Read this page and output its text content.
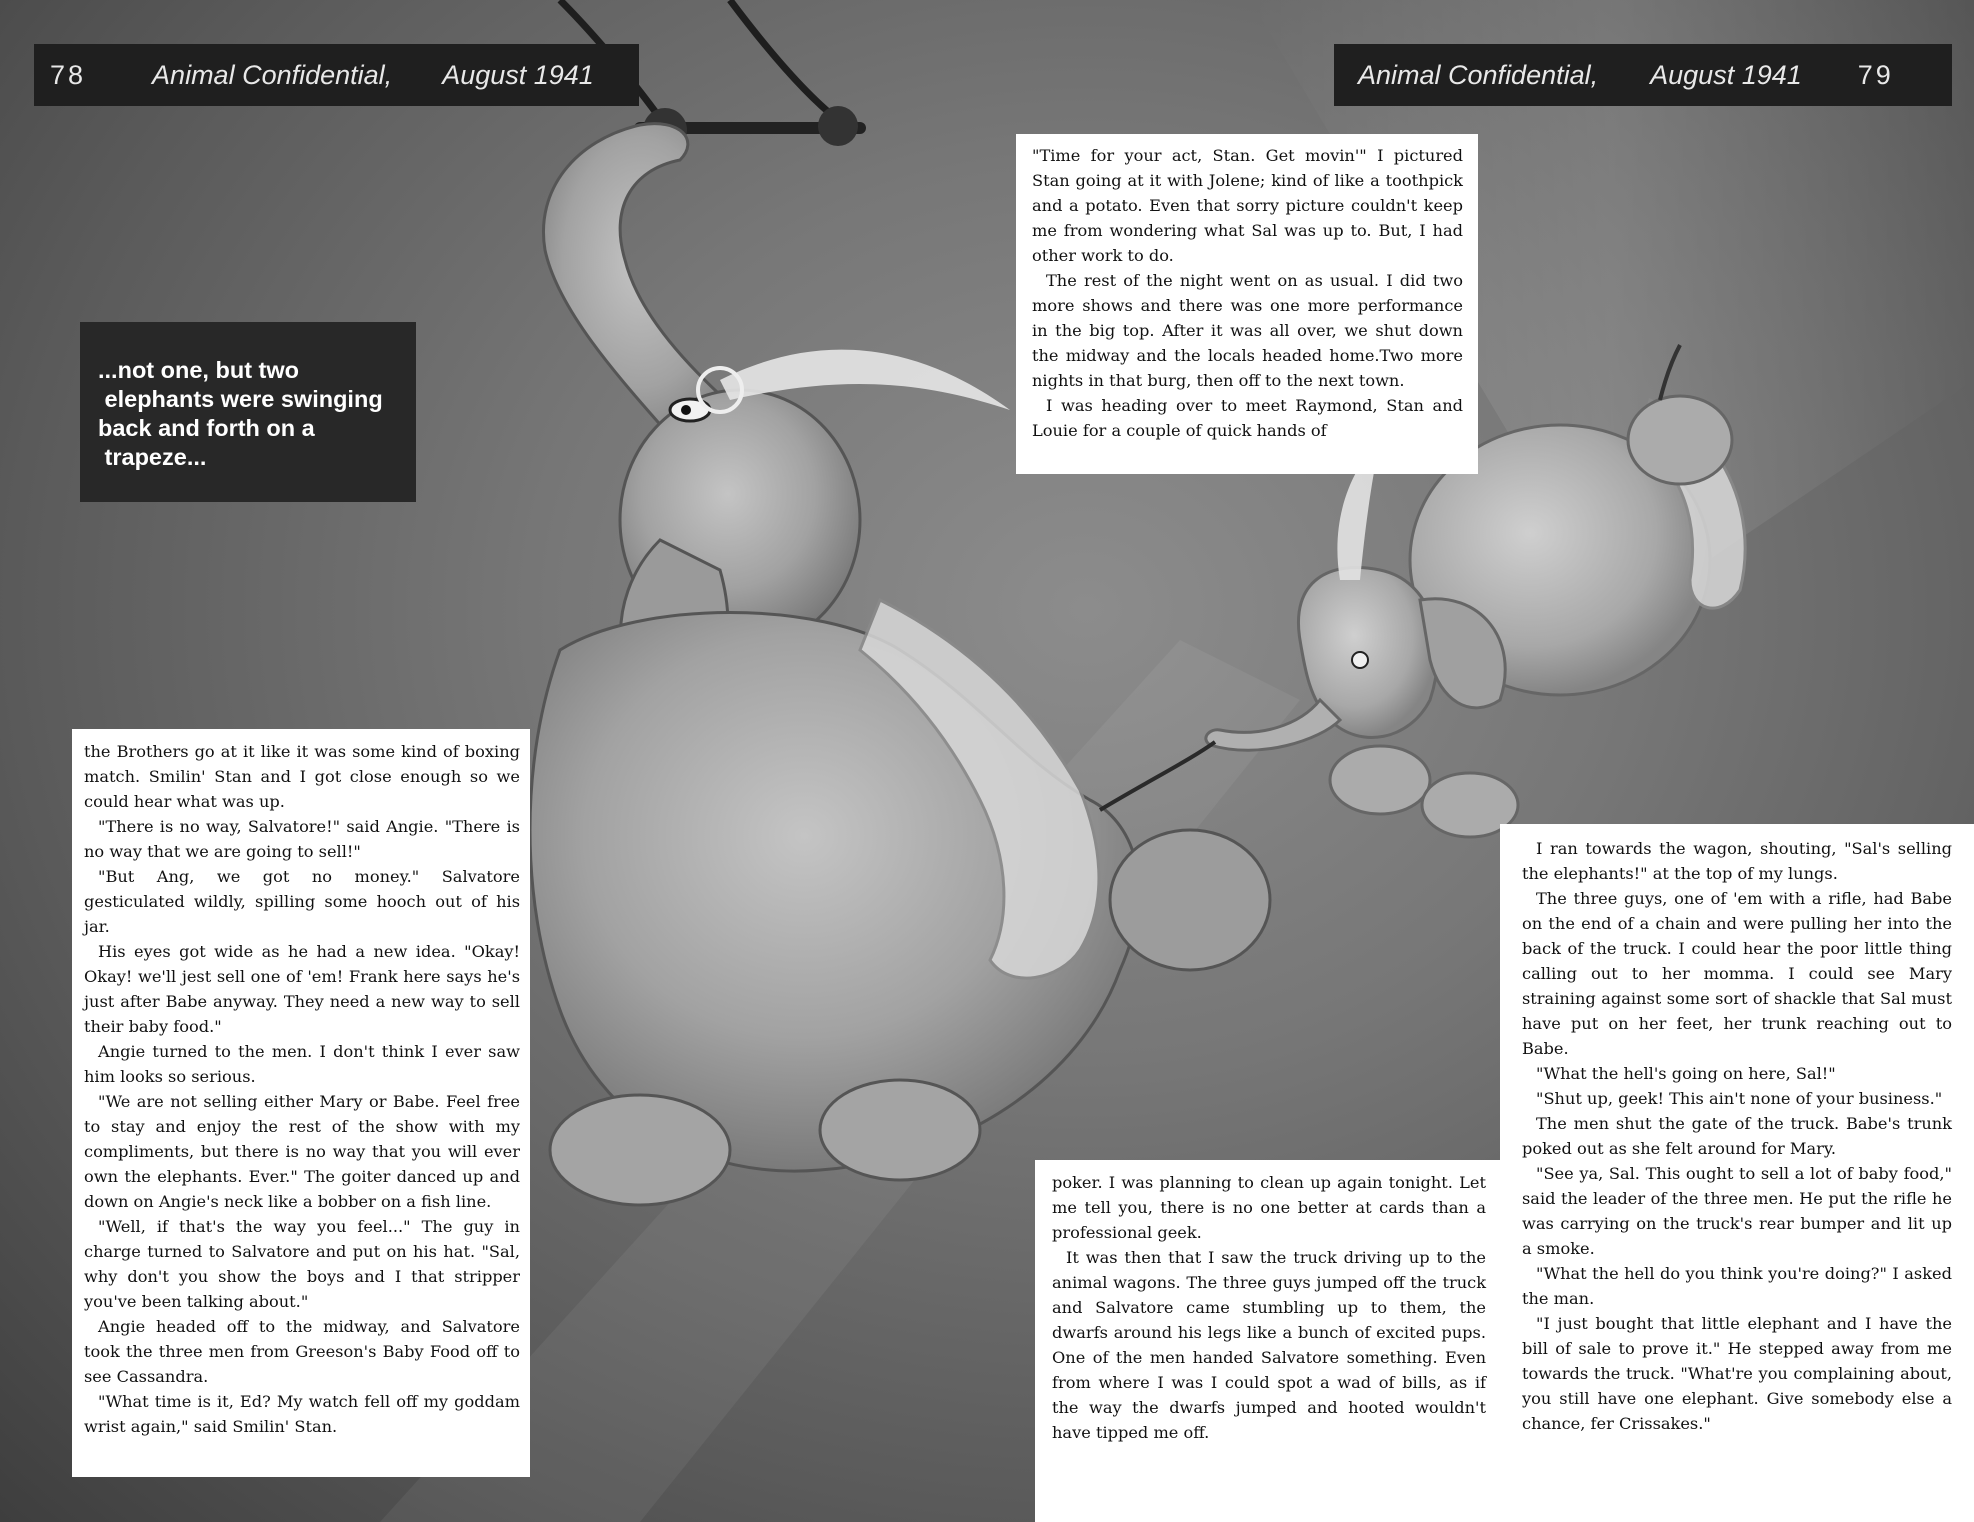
78 Animal Confidential, August 1941	Animal Confidential, August 1941 79
...not one, but two
elephants were swinging
back and forth on a
trapeze...

the Brothers go at it like it was some kind of boxing match. Smilin' Stan and I got close enough so we could hear what was up.

"There is no way, Salvatore!" said Angie. "There is no way that we are going to sell!"

"But Ang, we got no money." Salvatore gesticulated wildly, spilling some hooch out of his jar.

His eyes got wide as he had a new idea. "Okay! Okay! we'll jest sell one of 'em! Frank here says he's just after Babe anyway. They need a new way to sell their baby food."

Angie turned to the men. I don't think I ever saw him looks so serious.

"We are not selling either Mary or Babe. Feel free to stay and enjoy the rest of the show with my compliments, but there is no way that you will ever own the elephants. Ever." The goiter danced up and down on Angie's neck like a bobber on a fish line.

"Well, if that's the way you feel..." The guy in charge turned to Salvatore and put on his hat. "Sal, why don't you show the boys and I that stripper you've been talking about."

Angie headed off to the midway, and Salvatore took the three men from Greeson's Baby Food off to see Cassandra.

"What time is it, Ed? My watch fell off my goddam wrist again," said Smilin' Stan.

"Time for your act, Stan. Get movin'" I pictured Stan going at it with Jolene; kind of like a toothpick and a potato. Even that sorry picture couldn't keep me from wondering what Sal was up to. But, I had other work to do.

The rest of the night went on as usual. I did two more shows and there was one more performance in the big top. After it was all over, we shut down the midway and the locals headed home.Two more nights in that burg, then off to the next town.

I was heading over to meet Raymond, Stan and Louie for a couple of quick hands of

poker. I was planning to clean up again tonight. Let me tell you, there is no one better at cards than a professional geek.

It was then that I saw the truck driving up to the animal wagons. The three guys jumped off the truck and Salvatore came stumbling up to them, the dwarfs around his legs like a bunch of excited pups. One of the men handed Salvatore something. Even from where I was I could spot a wad of bills, as if the way the dwarfs jumped and hooted wouldn't have tipped me off.

I ran towards the wagon, shouting, "Sal's selling the elephants!" at the top of my lungs.

The three guys, one of 'em with a rifle, had Babe on the end of a chain and were pulling her into the back of the truck. I could hear the poor little thing calling out to her momma. I could see Mary straining against some sort of shackle that Sal must have put on her feet, her trunk reaching out to Babe.

"What the hell's going on here, Sal!"

"Shut up, geek! This ain't none of your business."

The men shut the gate of the truck. Babe's trunk poked out as she felt around for Mary.

"See ya, Sal. This ought to sell a lot of baby food," said the leader of the three men. He put the rifle he was carrying on the truck's rear bumper and lit up a smoke.

"What the hell do you think you're doing?" I asked the man.

"I just bought that little elephant and I have the bill of sale to prove it." He stepped away from me towards the truck. "What're you complaining about, you still have one elephant. Give somebody else a chance, fer Crissakes."
